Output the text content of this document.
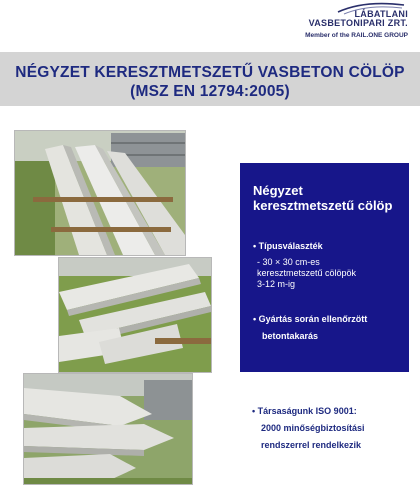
LÁBATLANI
VASBETONIPARI ZRT.
Member of the RAIL.ONE GROUP
NÉGYZET KERESZTMETSZETŰ VASBETON CÖLÖP
(MSZ EN 12794:2005)
Négyzet
keresztmetszetű cölöp
• Típusválaszték
- 30 × 30 cm-es
keresztmetszetű cölöpök
3-12 m-ig
• Gyártás során ellenőrzött
betontakarás
• Társaságunk ISO 9001:
2000 minőségbiztosítási
rendszerrel rendelkezik
